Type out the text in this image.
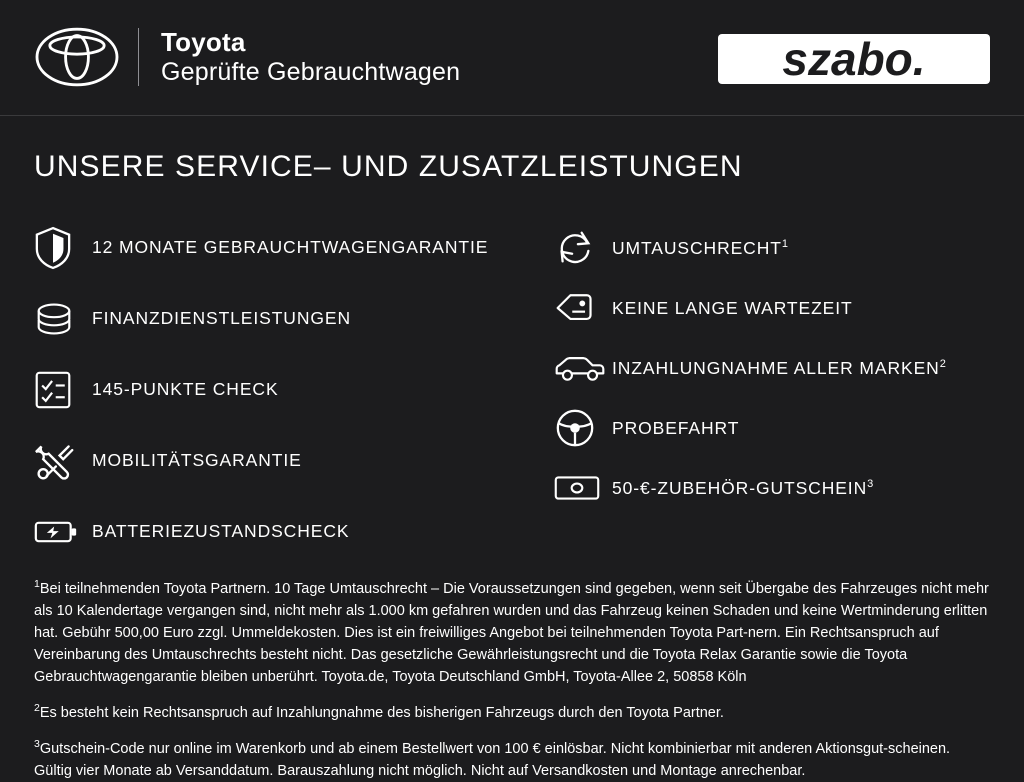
Toyota
Geprüfte Gebrauchtwagen	szabo.
UNSERE SERVICE– UND ZUSATZLEISTUNGEN
12 MONATE GEBRAUCHTWAGENGARANTIE
FINANZDIENSTLEISTUNGEN
145-PUNKTE CHECK
MOBILITÄTSGARANTIE
BATTERIEZUSTANDSCHECK
UMTAUSCHRECHT$^1$
KEINE LANGE WARTEZEIT
INZAHLUNGNAHME ALLER MARKEN$^2$
PROBEFAHRT
50-€-ZUBEHÖR-GUTSCHEIN$^3$

$^1$Bei teilnehmenden Toyota Partnern. 10 Tage Umtauschrecht – Die Voraussetzungen sind gegeben, wenn seit Übergabe des Fahrzeuges nicht mehr als 10 Kalendertage vergangen sind, nicht mehr als 1.000 km gefahren wurden und das Fahrzeug keinen Schaden und keine Wertminderung erlitten hat. Gebühr 500,00 Euro zzgl. Ummeldekosten. Dies ist ein freiwilliges Angebot bei teilnehmenden Toyota Part-nern. Ein Rechtsanspruch auf Vereinbarung des Umtauschrechts besteht nicht. Das gesetzliche Gewährleistungsrecht und die Toyota Relax Garantie sowie die Toyota Gebrauchtwagengarantie bleiben unberührt. Toyota.de, Toyota Deutschland GmbH, Toyota-Allee 2, 50858 Köln

$^2$Es besteht kein Rechtsanspruch auf Inzahlungnahme des bisherigen Fahrzeugs durch den Toyota Partner.

$^3$Gutschein-Code nur online im Warenkorb und ab einem Bestellwert von 100 € einlösbar. Nicht kombinierbar mit anderen Aktionsgut-scheinen. Gültig vier Monate ab Versanddatum. Barauszahlung nicht möglich. Nicht auf Versandkosten und Montage anrechenbar.
